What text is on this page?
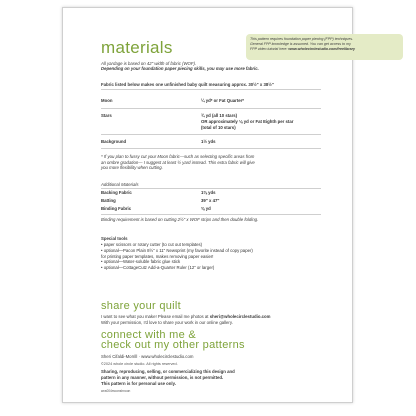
This pattern requires foundation paper piecing (FPP) techniques.
General FPP knowledge is assumed. You can get access to my
FPP video tutorial here: www.wholecirclestudio.com/freelibrary
materials
All yardage is based on 42" width of fabric (WOF).
Depending on your foundation paper piecing skills, you may use more fabric.
Fabric listed below makes one unfinished baby quilt measuring approx. 30½" x 38½"
Moon	¼ yd* or Fat Quarter*
Stars	¾ yd (all 10 stars)
OR approximately ⅛ yd or Fat Eighth per star
(total of 10 stars)
Background	1½ yds
* If you plan to fussy cut your Moon fabric—such as selecting specific areas from
an ombre gradation— I suggest at least ½ yard instead. This extra fabric will give
you more flexibility when cutting.
Additional Materials
Backing Fabric	1⅜ yds
Batting	39" x 47"
Binding Fabric	⅜ yd
Binding requirement is based on cutting 2½" x WOF strips and then double folding.
Special tools
• paper scissors or rotary cutter (to cut out templates)
• optional—Pacon Plain 8½" x 11" Newsprint (my favorite instead of copy paper)
for printing paper templates, makes removing paper easier!
• optional—Water-soluble fabric glue stick
• optional—CottageCutz Add-a-Quarter Ruler (12" or larger)
share your quilt
I want to see what you make! Please email me photos at sheri@wholecirclestudio.com
With your permission, I'd love to share your work in our online gallery.
connect with me &
check out my other patterns
Sheri Cifaldi-Morrill · www.wholecirclestudio.com
©2024 whole circle studio. All rights reserved.
Sharing, reproducing, selling, or commercializing this design and
pattern in any manner, without permission, is not permitted.
This pattern is for personal use only.
wcs004moonshnoon
